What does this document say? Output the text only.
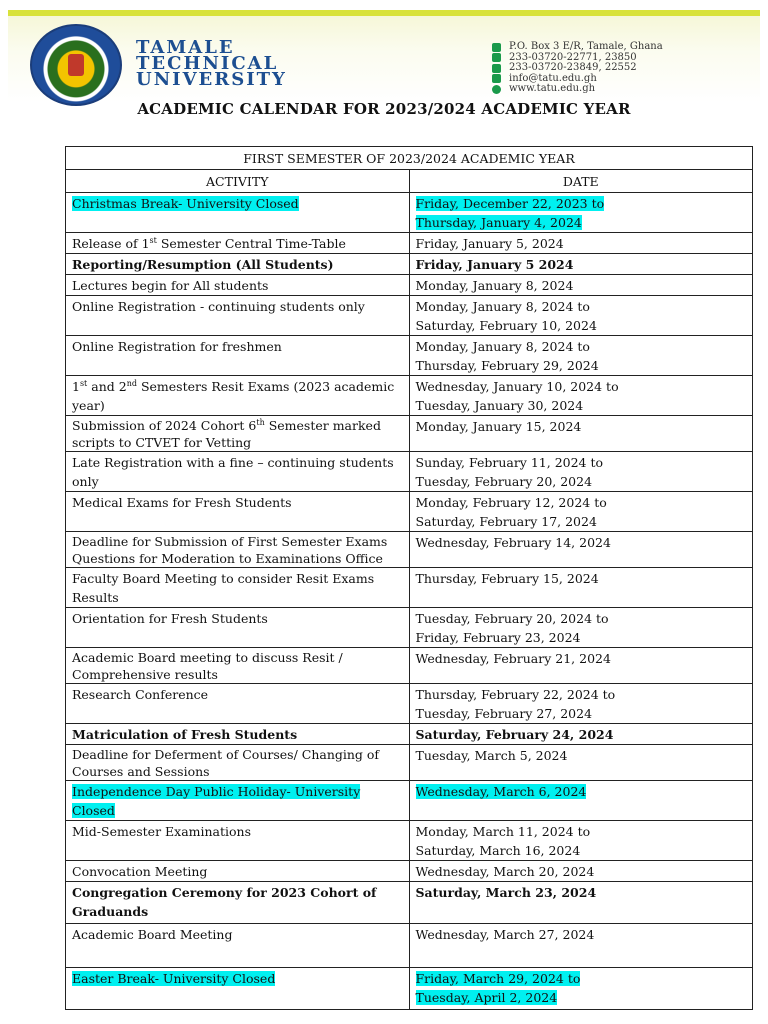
TAMALE
TECHNICAL
UNIVERSITY
P.O. Box 3 E/R, Tamale, Ghana
233-03720-22771, 23850
233-03720-23849, 22552
info@tatu.edu.gh
www.tatu.edu.gh
ACADEMIC CALENDAR FOR 2023/2024 ACADEMIC YEAR
FIRST SEMESTER OF 2023/2024 ACADEMIC YEAR	
ACTIVITY	DATE
Christmas Break- University Closed	Friday, December 22, 2023 to
Thursday, January 4, 2024
Release of 1st Semester Central Time-Table	Friday, January 5, 2024
Reporting/Resumption (All Students)	Friday, January 5 2024
Lectures begin for All students	Monday, January 8, 2024
Online Registration - continuing students only	Monday, January 8, 2024 to
Saturday, February 10, 2024
Online Registration for freshmen	Monday, January 8, 2024 to
Thursday, February 29, 2024
1st and 2nd Semesters Resit Exams (2023 academic year)	Wednesday, January 10, 2024 to
Tuesday, January 30, 2024
Submission of 2024 Cohort 6th Semester marked scripts to CTVET for Vetting	Monday, January 15, 2024
Late Registration with a fine – continuing students only	Sunday, February 11, 2024 to
Tuesday, February 20, 2024
Medical Exams for Fresh Students	Monday, February 12, 2024 to
Saturday, February 17, 2024
Deadline for Submission of First Semester Exams Questions for Moderation to Examinations Office	Wednesday, February 14, 2024
Faculty Board Meeting to consider Resit Exams Results	Thursday, February 15, 2024
Orientation for Fresh Students	Tuesday, February 20, 2024 to
Friday, February 23, 2024
Academic Board meeting to discuss Resit / Comprehensive results	Wednesday, February 21, 2024
Research Conference	Thursday, February 22, 2024 to
Tuesday, February 27, 2024
Matriculation of Fresh Students	Saturday, February 24, 2024
Deadline for Deferment of Courses/ Changing of Courses and Sessions	Tuesday, March 5, 2024
Independence Day Public Holiday- University Closed	Wednesday, March 6, 2024
Mid-Semester Examinations	Monday, March 11, 2024 to
Saturday, March 16, 2024
Convocation Meeting	Wednesday, March 20, 2024
Congregation Ceremony for 2023 Cohort of Graduands	Saturday, March 23, 2024
Academic Board Meeting	Wednesday, March 27, 2024
Easter Break- University Closed	Friday, March 29, 2024 to
Tuesday, April 2, 2024
